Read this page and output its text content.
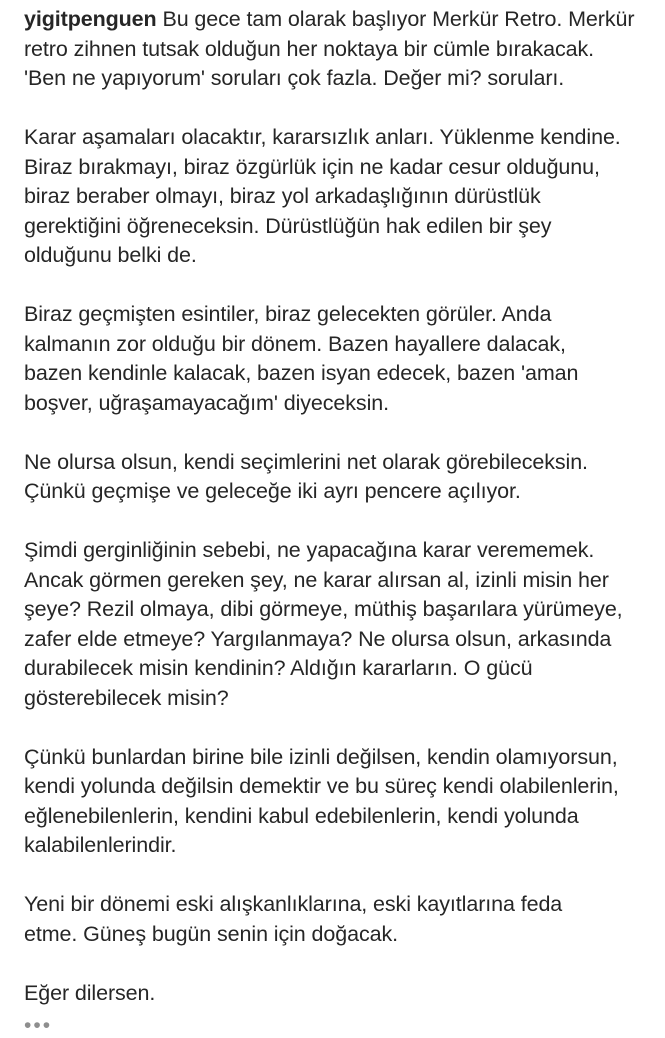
yigitpenguen Bu gece tam olarak başlıyor Merkür Retro. Merkür
retro zihnen tutsak olduğun her noktaya bir cümle bırakacak.
'Ben ne yapıyorum' soruları çok fazla. Değer mi? soruları.

Karar aşamaları olacaktır, kararsızlık anları. Yüklenme kendine.
Biraz bırakmayı, biraz özgürlük için ne kadar cesur olduğunu,
biraz beraber olmayı, biraz yol arkadaşlığının dürüstlük
gerektiğini öğreneceksin. Dürüstlüğün hak edilen bir şey
olduğunu belki de.

Biraz geçmişten esintiler, biraz gelecekten görüler. Anda
kalmanın zor olduğu bir dönem. Bazen hayallere dalacak,
bazen kendinle kalacak, bazen isyan edecek, bazen 'aman
boşver, uğraşamayacağım' diyeceksin.

Ne olursa olsun, kendi seçimlerini net olarak görebileceksin.
Çünkü geçmişe ve geleceğe iki ayrı pencere açılıyor.

Şimdi gerginliğinin sebebi, ne yapacağına karar verememek.
Ancak görmen gereken şey, ne karar alırsan al, izinli misin her
şeye? Rezil olmaya, dibi görmeye, müthiş başarılara yürümeye,
zafer elde etmeye? Yargılanmaya? Ne olursa olsun, arkasında
durabilecek misin kendinin? Aldığın kararların. O gücü
gösterebilecek misin?

Çünkü bunlardan birine bile izinli değilsen, kendin olamıyorsun,
kendi yolunda değilsin demektir ve bu süreç kendi olabilenlerin,
eğlenebilenlerin, kendini kabul edebilenlerin, kendi yolunda
kalabilenlerindir.

Yeni bir dönemi eski alışkanlıklarına, eski kayıtlarına feda
etme. Güneş bugün senin için doğacak.

Eğer dilersen.

•••
